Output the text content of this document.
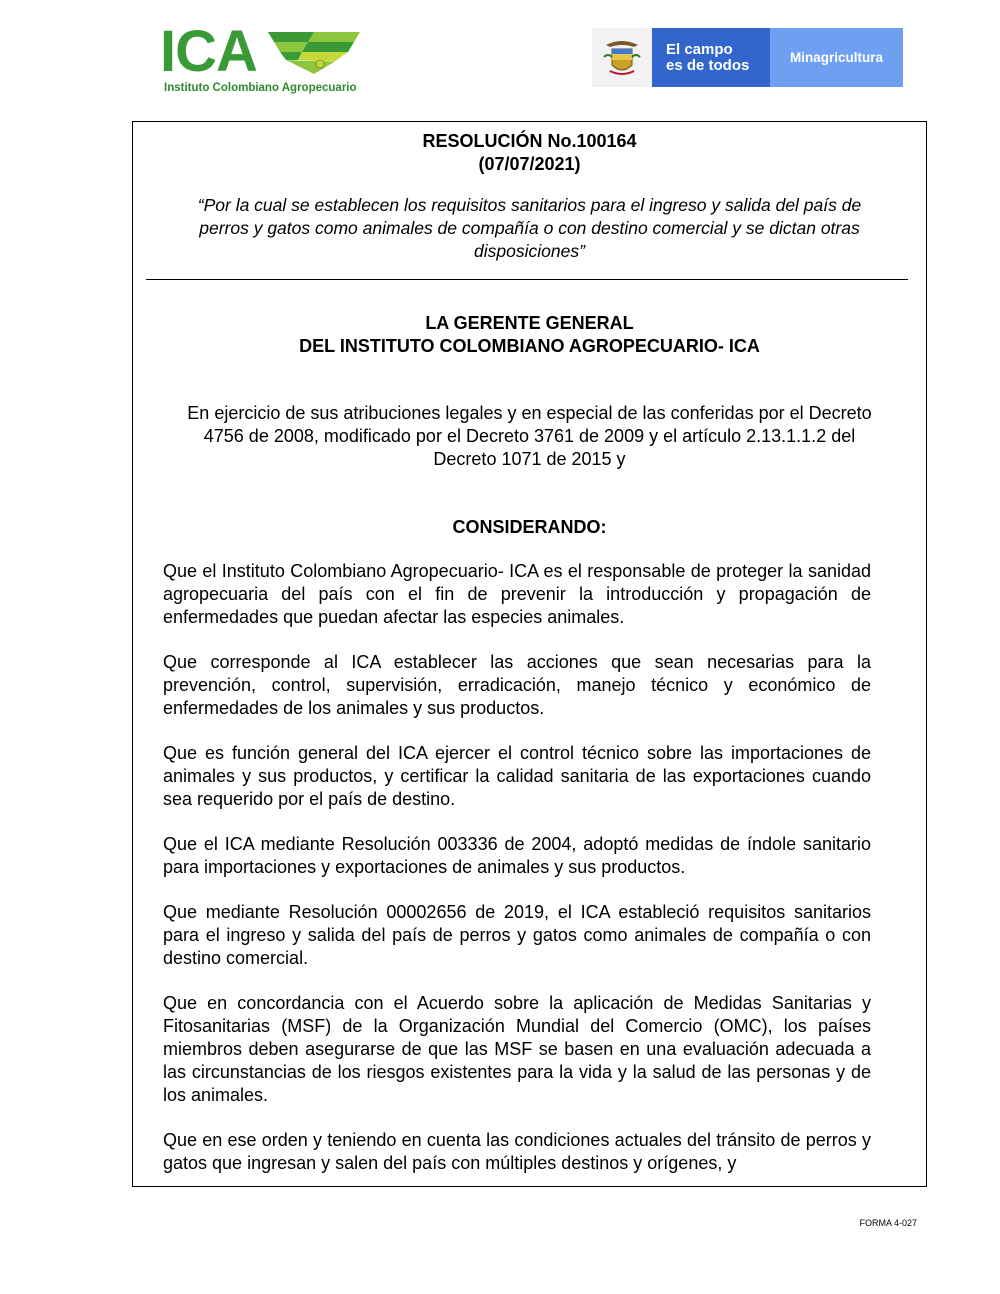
ICA
Instituto Colombiano Agropecuario
El campo
es de todos	Minagricultura
RESOLUCIÓN No.100164
(07/07/2021)
“Por la cual se establecen los requisitos sanitarios para el ingreso y salida del país de perros y gatos como animales de compañía o con destino comercial y se dictan otras disposiciones”
LA GERENTE GENERAL
DEL INSTITUTO COLOMBIANO AGROPECUARIO- ICA
En ejercicio de sus atribuciones legales y en especial de las conferidas por el Decreto 4756 de 2008, modificado por el Decreto 3761 de 2009 y el artículo 2.13.1.1.2 del Decreto 1071 de 2015 y
CONSIDERANDO:

Que el Instituto Colombiano Agropecuario- ICA es el responsable de proteger la sanidad agropecuaria del país con el fin de prevenir la introducción y propagación de enfermedades que puedan afectar las especies animales.

Que corresponde al ICA establecer las acciones que sean necesarias para la prevención, control, supervisión, erradicación, manejo técnico y económico de enfermedades de los animales y sus productos.

Que es función general del ICA ejercer el control técnico sobre las importaciones de animales y sus productos, y certificar la calidad sanitaria de las exportaciones cuando sea requerido por el país de destino.

Que el ICA mediante Resolución 003336 de 2004, adoptó medidas de índole sanitario para importaciones y exportaciones de animales y sus productos.

Que mediante Resolución 00002656 de 2019, el ICA estableció requisitos sanitarios para el ingreso y salida del país de perros y gatos como animales de compañía o con destino comercial.

Que en concordancia con el Acuerdo sobre la aplicación de Medidas Sanitarias y Fitosanitarias (MSF) de la Organización Mundial del Comercio (OMC), los países miembros deben asegurarse de que las MSF se basen en una evaluación adecuada a las circunstancias de los riesgos existentes para la vida y la salud de las personas y de los animales.

Que en ese orden y teniendo en cuenta las condiciones actuales del tránsito de perros y gatos que ingresan y salen del país con múltiples destinos y orígenes, y

FORMA 4-027
